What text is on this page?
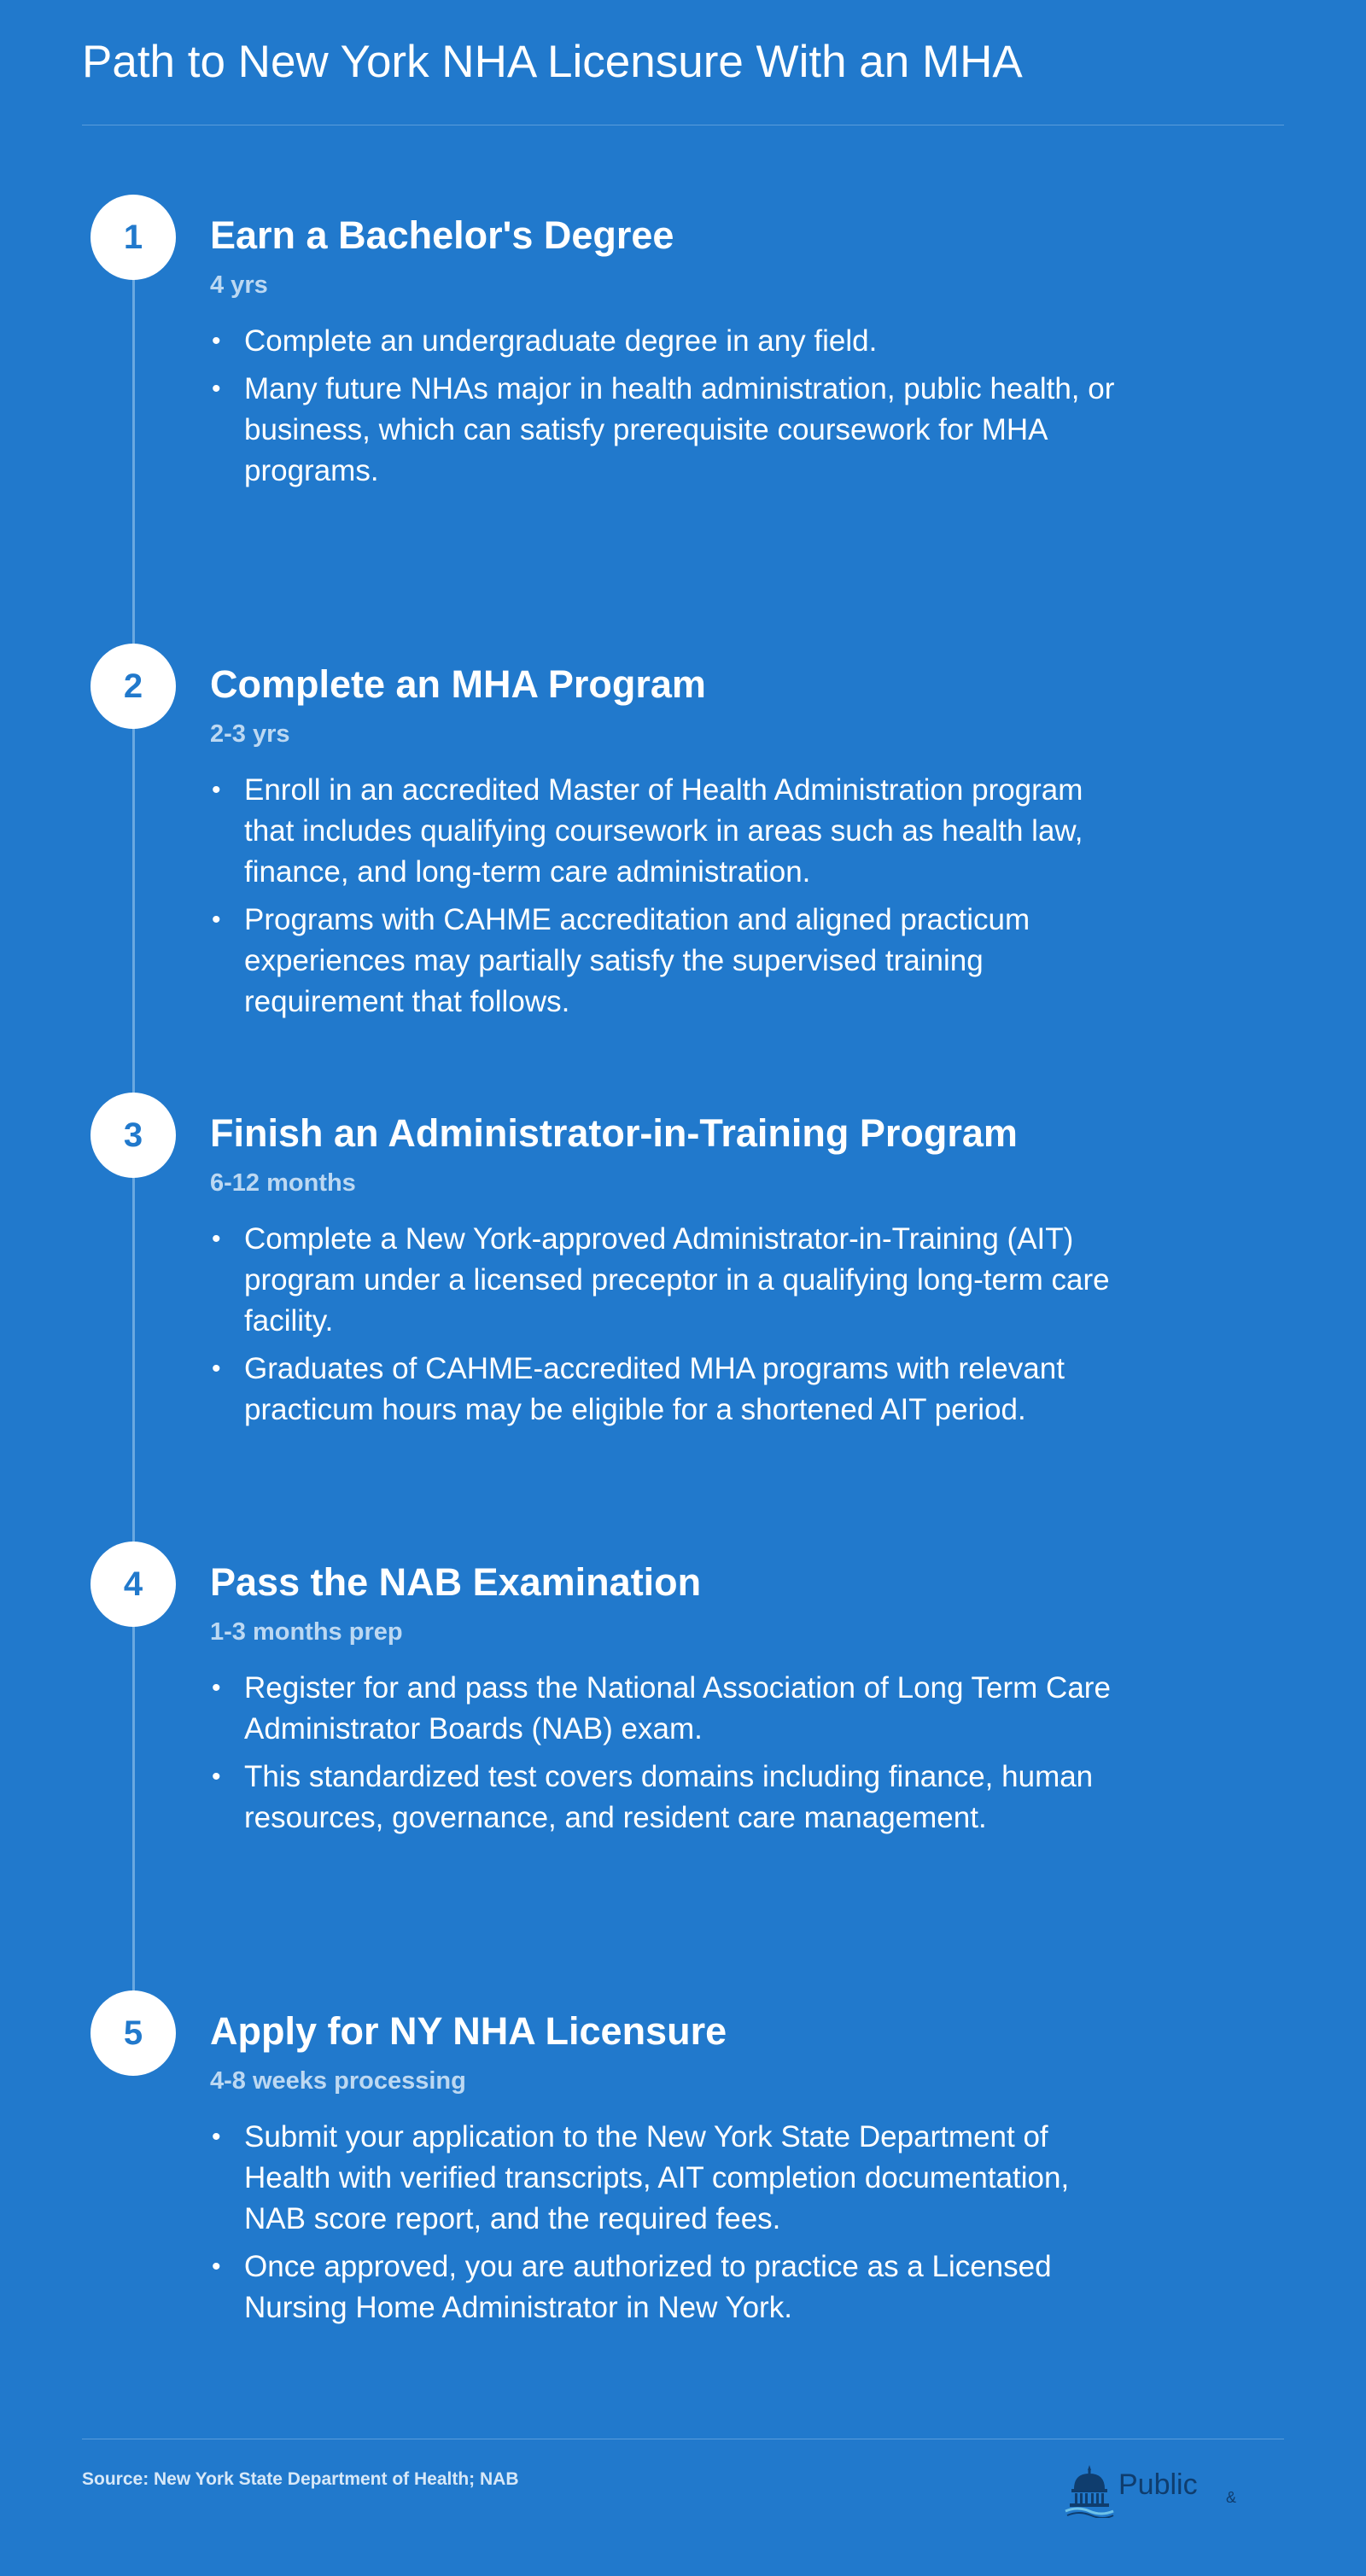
Path to New York NHA Licensure With an MHA
1	Earn a Bachelor's Degree
4 yrs
• Complete an undergraduate degree in any field.
• Many future NHAs major in health administration, public health, or business, which can satisfy prerequisite coursework for MHA programs.
2	Complete an MHA Program
2-3 yrs
• Enroll in an accredited Master of Health Administration program that includes qualifying coursework in areas such as health law, finance, and long-term care administration.
• Programs with CAHME accreditation and aligned practicum experiences may partially satisfy the supervised training requirement that follows.
3	Finish an Administrator-in-Training Program
6-12 months
• Complete a New York-approved Administrator-in-Training (AIT) program under a licensed preceptor in a qualifying long-term care facility.
• Graduates of CAHME-accredited MHA programs with relevant practicum hours may be eligible for a shortened AIT period.
4	Pass the NAB Examination
1-3 months prep
• Register for and pass the National Association of Long Term Care Administrator Boards (NAB) exam.
• This standardized test covers domains including finance, human resources, governance, and resident care management.
5	Apply for NY NHA Licensure
4-8 weeks processing
• Submit your application to the New York State Department of Health with verified transcripts, AIT completion documentation, NAB score report, and the required fees.
• Once approved, you are authorized to practice as a Licensed Nursing Home Administrator in New York.
Source: New York State Department of Health; NAB	Public &
